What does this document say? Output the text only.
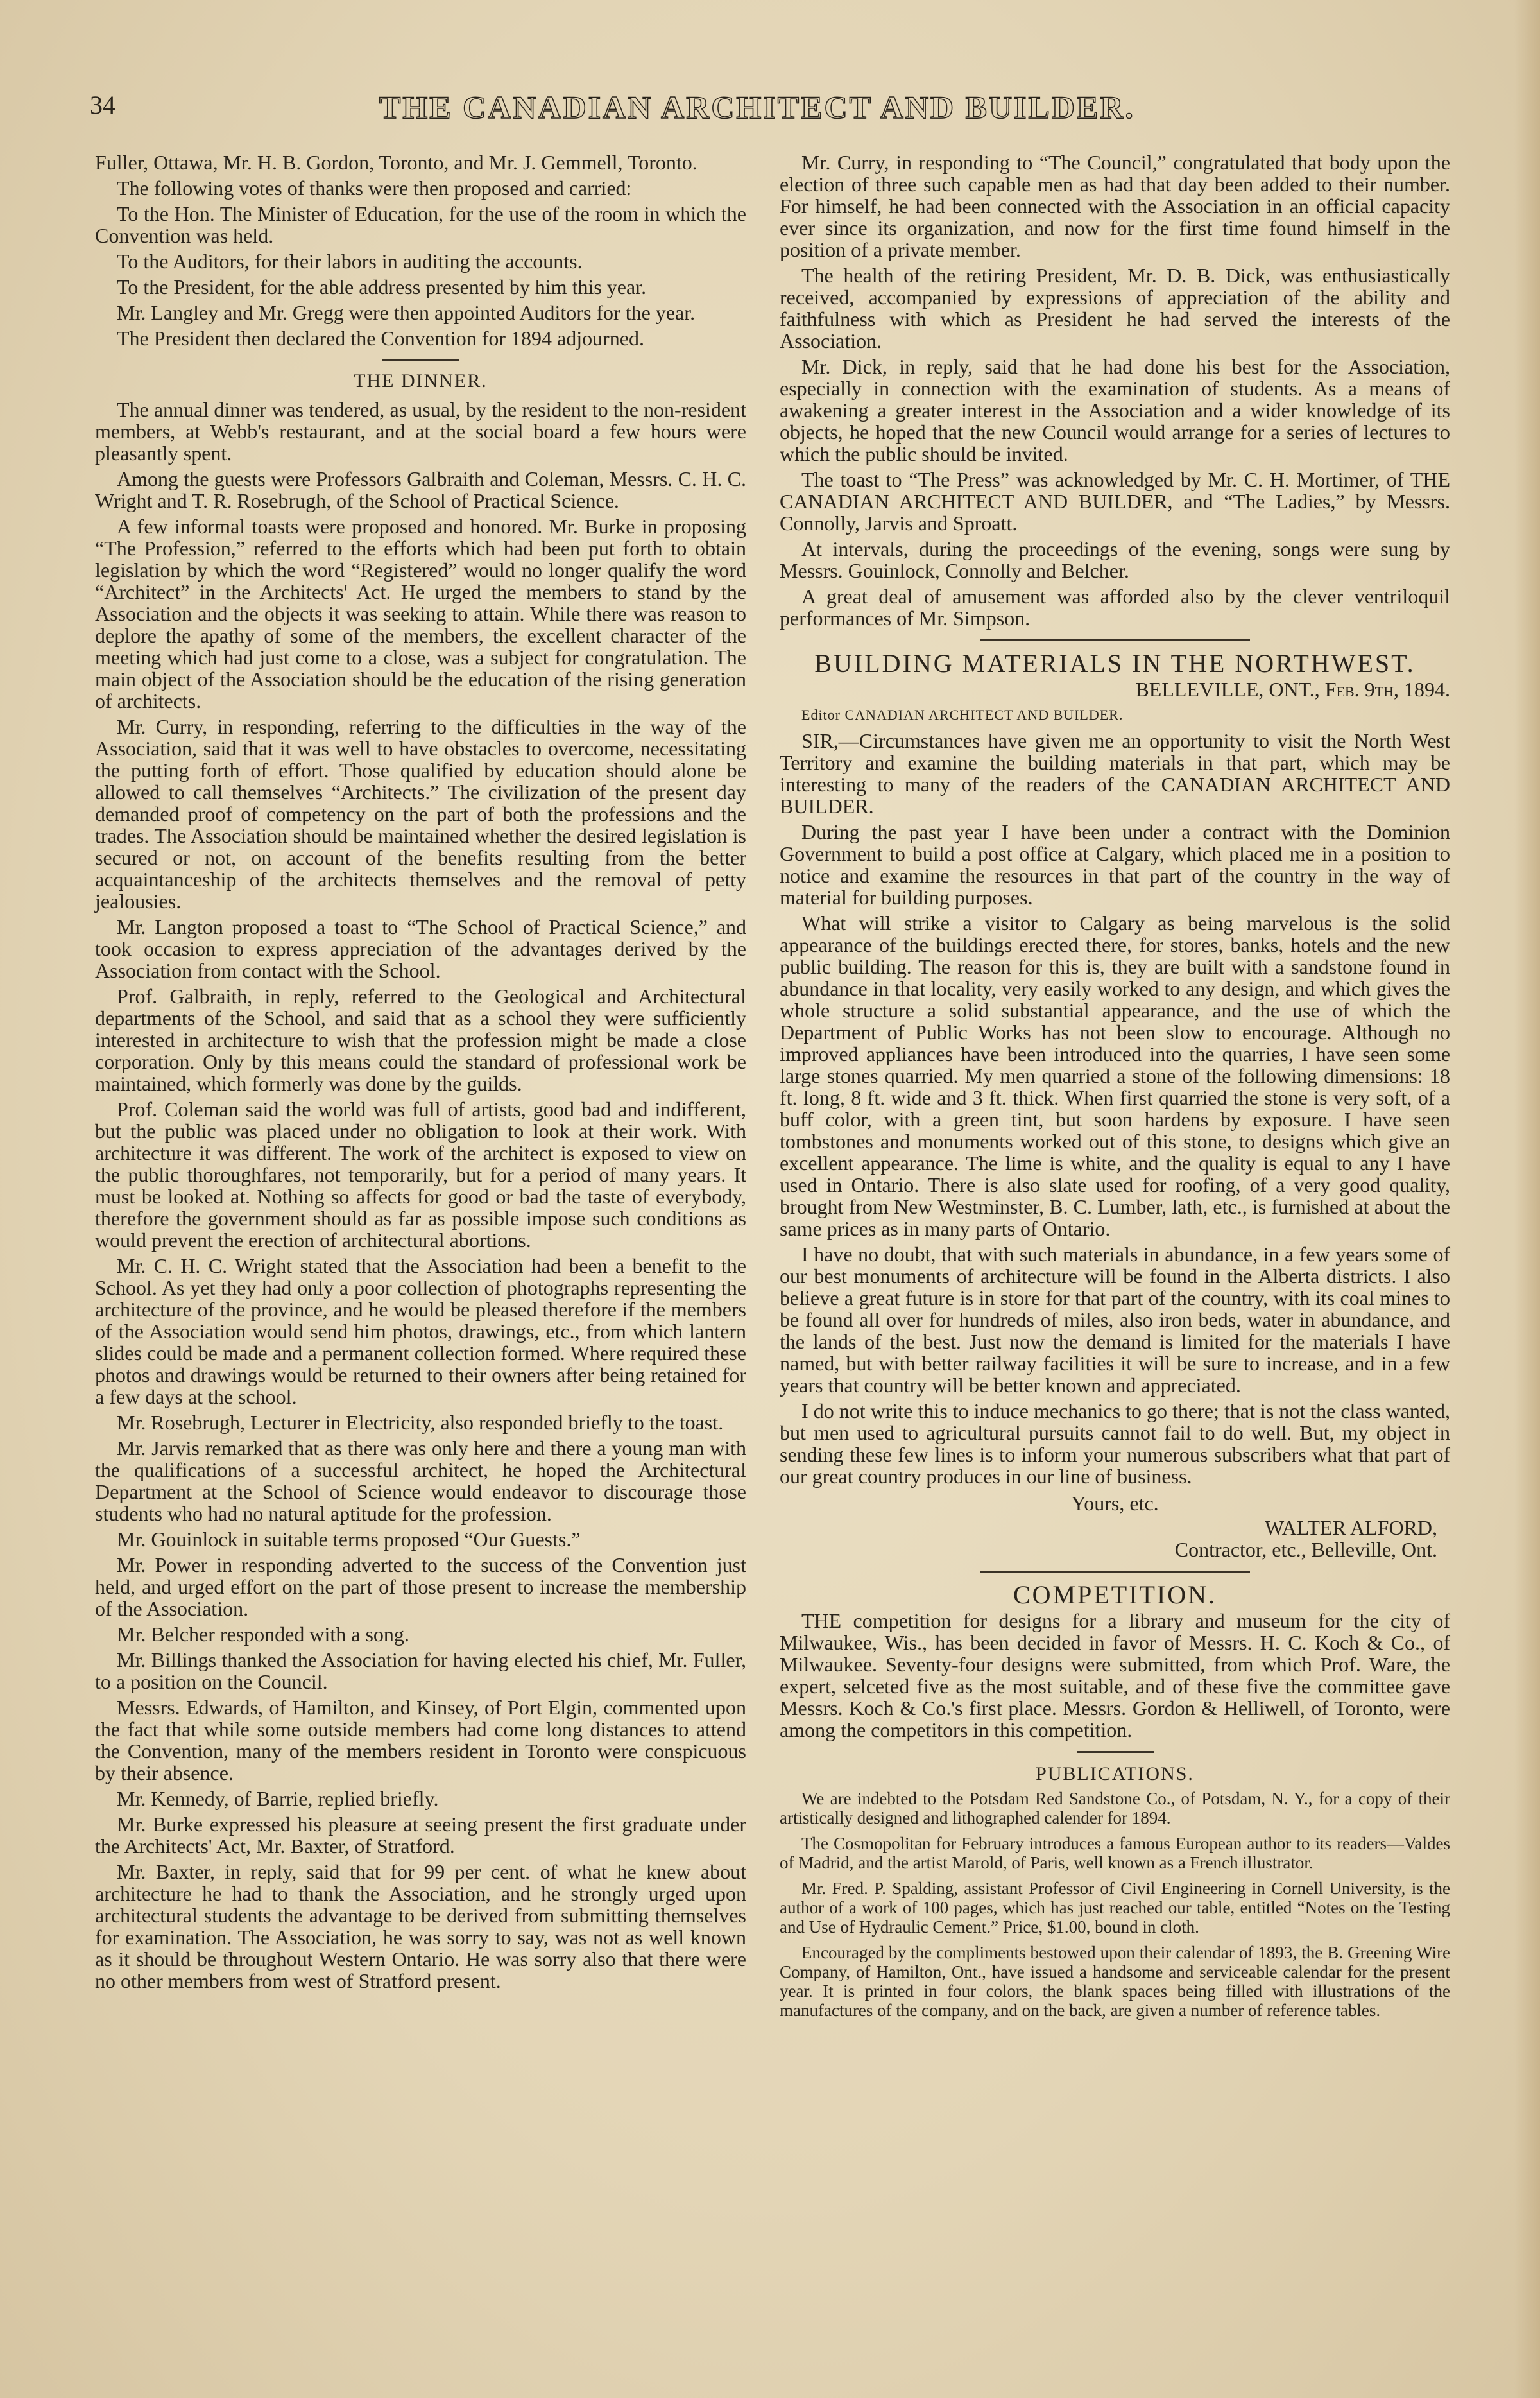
34	THE CANADIAN ARCHITECT AND BUILDER.

Fuller, Ottawa, Mr. H. B. Gordon, Toronto, and Mr. J. Gemmell, Toronto.

The following votes of thanks were then proposed and carried:

To the Hon. The Minister of Education, for the use of the room in which the Convention was held.

To the Auditors, for their labors in auditing the accounts.

To the President, for the able address presented by him this year.

Mr. Langley and Mr. Gregg were then appointed Auditors for the year.

The President then declared the Convention for 1894 adjourned.

THE DINNER.

The annual dinner was tendered, as usual, by the resident to the non-resident members, at Webb's restaurant, and at the social board a few hours were pleasantly spent.

Among the guests were Professors Galbraith and Coleman, Messrs. C. H. C. Wright and T. R. Rosebrugh, of the School of Practical Science.

A few informal toasts were proposed and honored. Mr. Burke in proposing “The Profession,” referred to the efforts which had been put forth to obtain legislation by which the word “Registered” would no longer qualify the word “Architect” in the Architects' Act. He urged the members to stand by the Association and the objects it was seeking to attain. While there was reason to deplore the apathy of some of the members, the excellent character of the meeting which had just come to a close, was a subject for congratulation. The main object of the Association should be the education of the rising generation of architects.

Mr. Curry, in responding, referring to the difficulties in the way of the Association, said that it was well to have obstacles to overcome, necessitating the putting forth of effort. Those qualified by education should alone be allowed to call themselves “Architects.” The civilization of the present day demanded proof of competency on the part of both the professions and the trades. The Association should be maintained whether the desired legislation is secured or not, on account of the benefits resulting from the better acquaintanceship of the architects themselves and the removal of petty jealousies.

Mr. Langton proposed a toast to “The School of Practical Science,” and took occasion to express appreciation of the advantages derived by the Association from contact with the School.

Prof. Galbraith, in reply, referred to the Geological and Architectural departments of the School, and said that as a school they were sufficiently interested in architecture to wish that the profession might be made a close corporation. Only by this means could the standard of professional work be maintained, which formerly was done by the guilds.

Prof. Coleman said the world was full of artists, good bad and indifferent, but the public was placed under no obligation to look at their work. With architecture it was different. The work of the architect is exposed to view on the public thoroughfares, not temporarily, but for a period of many years. It must be looked at. Nothing so affects for good or bad the taste of everybody, therefore the government should as far as possible impose such conditions as would prevent the erection of architectural abortions.

Mr. C. H. C. Wright stated that the Association had been a benefit to the School. As yet they had only a poor collection of photographs representing the architecture of the province, and he would be pleased therefore if the members of the Association would send him photos, drawings, etc., from which lantern slides could be made and a permanent collection formed. Where required these photos and drawings would be returned to their owners after being retained for a few days at the school.

Mr. Rosebrugh, Lecturer in Electricity, also responded briefly to the toast.

Mr. Jarvis remarked that as there was only here and there a young man with the qualifications of a successful architect, he hoped the Architectural Department at the School of Science would endeavor to discourage those students who had no natural aptitude for the profession.

Mr. Gouinlock in suitable terms proposed “Our Guests.”

Mr. Power in responding adverted to the success of the Convention just held, and urged effort on the part of those present to increase the membership of the Association.

Mr. Belcher responded with a song.

Mr. Billings thanked the Association for having elected his chief, Mr. Fuller, to a position on the Council.

Messrs. Edwards, of Hamilton, and Kinsey, of Port Elgin, commented upon the fact that while some outside members had come long distances to attend the Convention, many of the members resident in Toronto were conspicuous by their absence.

Mr. Kennedy, of Barrie, replied briefly.

Mr. Burke expressed his pleasure at seeing present the first graduate under the Architects' Act, Mr. Baxter, of Stratford.

Mr. Baxter, in reply, said that for 99 per cent. of what he knew about architecture he had to thank the Association, and he strongly urged upon architectural students the advantage to be derived from submitting themselves for examination. The Association, he was sorry to say, was not as well known as it should be throughout Western Ontario. He was sorry also that there were no other members from west of Stratford present.

Mr. Curry, in responding to “The Council,” congratulated that body upon the election of three such capable men as had that day been added to their number. For himself, he had been connected with the Association in an official capacity ever since its organization, and now for the first time found himself in the position of a private member.

The health of the retiring President, Mr. D. B. Dick, was enthusiastically received, accompanied by expressions of appreciation of the ability and faithfulness with which as President he had served the interests of the Association.

Mr. Dick, in reply, said that he had done his best for the Association, especially in connection with the examination of students. As a means of awakening a greater interest in the Association and a wider knowledge of its objects, he hoped that the new Council would arrange for a series of lectures to which the public should be invited.

The toast to “The Press” was acknowledged by Mr. C. H. Mortimer, of THE CANADIAN ARCHITECT AND BUILDER, and “The Ladies,” by Messrs. Connolly, Jarvis and Sproatt.

At intervals, during the proceedings of the evening, songs were sung by Messrs. Gouinlock, Connolly and Belcher.

A great deal of amusement was afforded also by the clever ventriloquil performances of Mr. Simpson.

BUILDING MATERIALS IN THE NORTHWEST.

BELLEVILLE, ONT., Feb. 9th, 1894.

Editor CANADIAN ARCHITECT AND BUILDER.

SIR,—Circumstances have given me an opportunity to visit the North West Territory and examine the building materials in that part, which may be interesting to many of the readers of the CANADIAN ARCHITECT AND BUILDER.

During the past year I have been under a contract with the Dominion Government to build a post office at Calgary, which placed me in a position to notice and examine the resources in that part of the country in the way of material for building purposes.

What will strike a visitor to Calgary as being marvelous is the solid appearance of the buildings erected there, for stores, banks, hotels and the new public building. The reason for this is, they are built with a sandstone found in abundance in that locality, very easily worked to any design, and which gives the whole structure a solid substantial appearance, and the use of which the Department of Public Works has not been slow to encourage. Although no improved appliances have been introduced into the quarries, I have seen some large stones quarried. My men quarried a stone of the following dimensions: 18 ft. long, 8 ft. wide and 3 ft. thick. When first quarried the stone is very soft, of a buff color, with a green tint, but soon hardens by exposure. I have seen tombstones and monuments worked out of this stone, to designs which give an excellent appearance. The lime is white, and the quality is equal to any I have used in Ontario. There is also slate used for roofing, of a very good quality, brought from New Westminster, B. C. Lumber, lath, etc., is furnished at about the same prices as in many parts of Ontario.

I have no doubt, that with such materials in abundance, in a few years some of our best monuments of architecture will be found in the Alberta districts. I also believe a great future is in store for that part of the country, with its coal mines to be found all over for hundreds of miles, also iron beds, water in abundance, and the lands of the best. Just now the demand is limited for the materials I have named, but with better railway facilities it will be sure to increase, and in a few years that country will be better known and appreciated.

I do not write this to induce mechanics to go there; that is not the class wanted, but men used to agricultural pursuits cannot fail to do well. But, my object in sending these few lines is to inform your numerous subscribers what that part of our great country produces in our line of business.

Yours, etc.
WALTER ALFORD,
Contractor, etc., Belleville, Ont.
COMPETITION.

THE competition for designs for a library and museum for the city of Milwaukee, Wis., has been decided in favor of Messrs. H. C. Koch & Co., of Milwaukee. Seventy-four designs were submitted, from which Prof. Ware, the expert, selceted five as the most suitable, and of these five the committee gave Messrs. Koch & Co.'s first place. Messrs. Gordon & Helliwell, of Toronto, were among the competitors in this competition.

PUBLICATIONS.

We are indebted to the Potsdam Red Sandstone Co., of Potsdam, N. Y., for a copy of their artistically designed and lithographed calender for 1894.

The Cosmopolitan for February introduces a famous European author to its readers—Valdes of Madrid, and the artist Marold, of Paris, well known as a French illustrator.

Mr. Fred. P. Spalding, assistant Professor of Civil Engineering in Cornell University, is the author of a work of 100 pages, which has just reached our table, entitled “Notes on the Testing and Use of Hydraulic Cement.” Price, $1.00, bound in cloth.

Encouraged by the compliments bestowed upon their calendar of 1893, the B. Greening Wire Company, of Hamilton, Ont., have issued a handsome and serviceable calendar for the present year. It is printed in four colors, the blank spaces being filled with illustrations of the manufactures of the company, and on the back, are given a number of reference tables.
